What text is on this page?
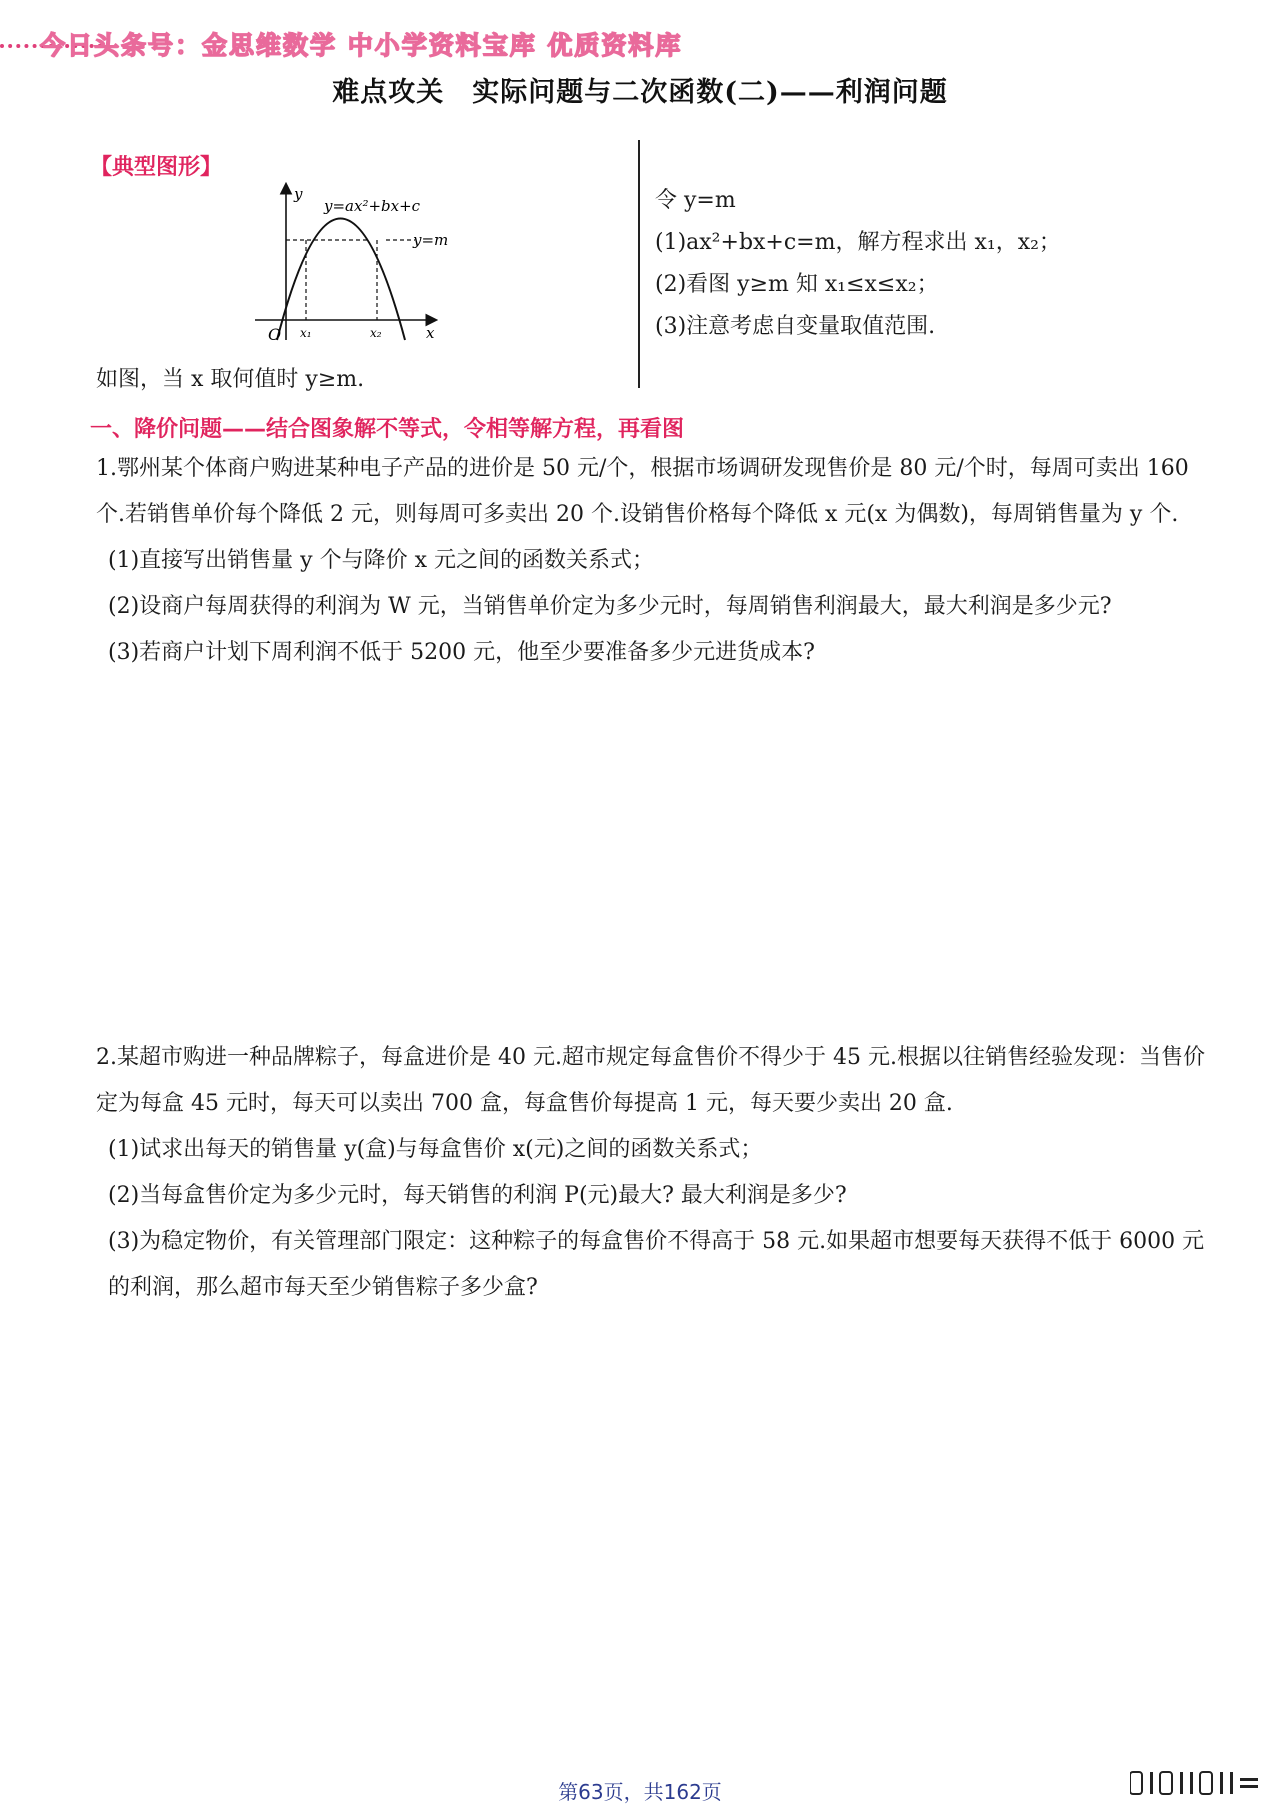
今日头条号：金思维数学 中小学资料宝库 优质资料库
难点攻关　实际问题与二次函数(二)——利润问题
【典型图形】
y
x
O
y=ax²+bx+c
y=m
x₁	x₂
令 y=m
(1)ax²+bx+c=m，解方程求出 x₁，x₂；
(2)看图 y≥m 知 x₁≤x≤x₂；
(3)注意考虑自变量取值范围.
如图，当 x 取何值时 y≥m.
一、降价问题——结合图象解不等式，令相等解方程，再看图

1.鄂州某个体商户购进某种电子产品的进价是 50 元/个，根据市场调研发现售价是 80 元/个时，每周可卖出 160 个.若销售单价每个降低 2 元，则每周可多卖出 20 个.设销售价格每个降低 x 元(x 为偶数)，每周销售量为 y 个.

(1)直接写出销售量 y 个与降价 x 元之间的函数关系式；

(2)设商户每周获得的利润为 W 元，当销售单价定为多少元时，每周销售利润最大，最大利润是多少元?

(3)若商户计划下周利润不低于 5200 元，他至少要准备多少元进货成本?

2.某超市购进一种品牌粽子，每盒进价是 40 元.超市规定每盒售价不得少于 45 元.根据以往销售经验发现：当售价定为每盒 45 元时，每天可以卖出 700 盒，每盒售价每提高 1 元，每天要少卖出 20 盒.

(1)试求出每天的销售量 y(盒)与每盒售价 x(元)之间的函数关系式；

(2)当每盒售价定为多少元时，每天销售的利润 P(元)最大? 最大利润是多少?

(3)为稳定物价，有关管理部门限定：这种粽子的每盒售价不得高于 58 元.如果超市想要每天获得不低于 6000 元的利润，那么超市每天至少销售粽子多少盒?

第63页，共162页
